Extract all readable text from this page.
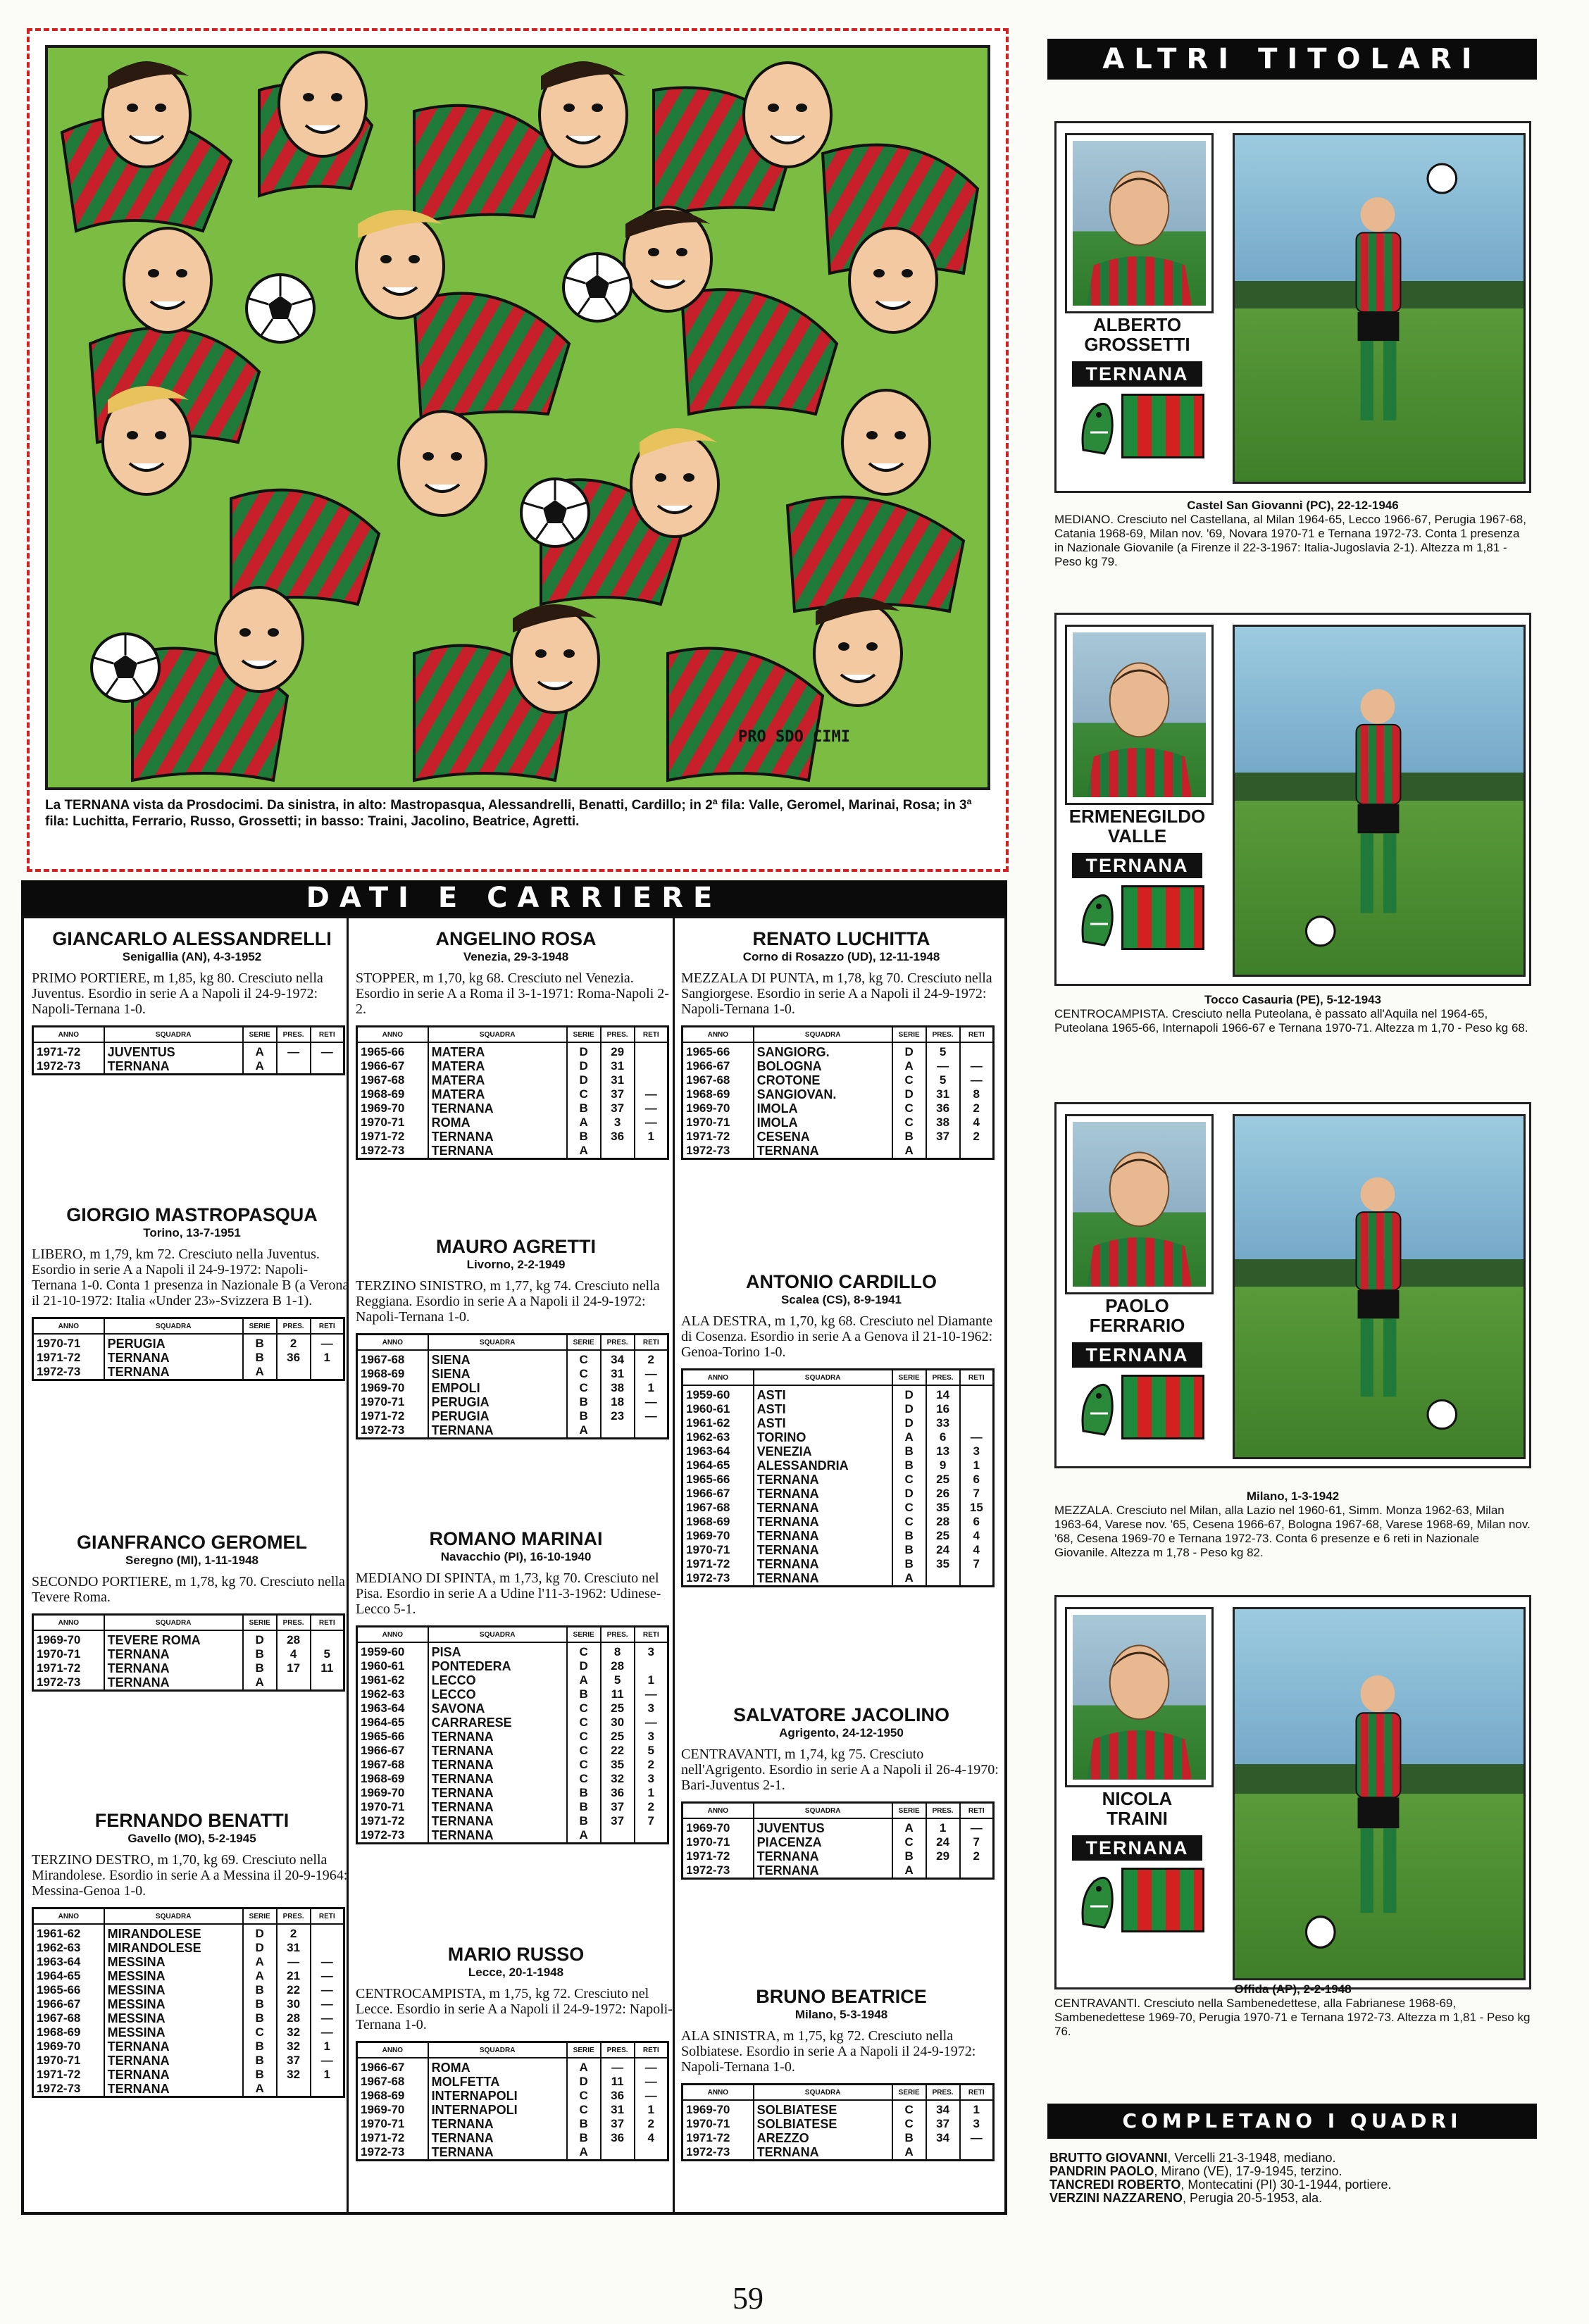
PRO SDO CIMI
La TERNANA vista da Prosdocimi. Da sinistra, in alto: Mastropasqua, Alessandrelli, Benatti, Cardillo; in 2ª fila: Valle, Geromel, Marinai, Rosa; in 3ª fila: Luchitta, Ferrario, Russo, Grossetti; in basso: Traini, Jacolino, Beatrice, Agretti.
DATI E CARRIERE
GIANCARLO ALESSANDRELLI
Senigallia (AN), 4-3-1952
PRIMO PORTIERE, m 1,85, kg 80. Cresciuto nella Juventus. Esordio in serie A a Napoli il 24-9-1972: Napoli-Ternana 1-0.
ANNO	SQUADRA	SERIE	PRES.	RETI
1971-72	JUVENTUS	A	—	—
1972-73	TERNANA	A		
GIORGIO MASTROPASQUA
Torino, 13-7-1951
LIBERO, m 1,79, km 72. Cresciuto nella Juventus. Esordio in serie A a Napoli il 24-9-1972: Napoli-Ternana 1-0. Conta 1 presenza in Nazionale B (a Verona il 21-10-1972: Italia «Under 23»-Svizzera B 1-1).
ANNO	SQUADRA	SERIE	PRES.	RETI
1970-71	PERUGIA	B	2	—
1971-72	TERNANA	B	36	1
1972-73	TERNANA	A		
GIANFRANCO GEROMEL
Seregno (MI), 1-11-1948
SECONDO PORTIERE, m 1,78, kg 70. Cresciuto nella Tevere Roma.
ANNO	SQUADRA	SERIE	PRES.	RETI
1969-70	TEVERE ROMA	D	28	
1970-71	TERNANA	B	4	5
1971-72	TERNANA	B	17	11
1972-73	TERNANA	A		
FERNANDO BENATTI
Gavello (MO), 5-2-1945
TERZINO DESTRO, m 1,70, kg 69. Cresciuto nella Mirandolese. Esordio in serie A a Messina il 20-9-1964: Messina-Genoa 1-0.
ANNO	SQUADRA	SERIE	PRES.	RETI
1961-62	MIRANDOLESE	D	2	
1962-63	MIRANDOLESE	D	31	
1963-64	MESSINA	A	—	—
1964-65	MESSINA	A	21	—
1965-66	MESSINA	B	22	—
1966-67	MESSINA	B	30	—
1967-68	MESSINA	B	28	—
1968-69	MESSINA	C	32	—
1969-70	TERNANA	B	32	1
1970-71	TERNANA	B	37	—
1971-72	TERNANA	B	32	1
1972-73	TERNANA	A		
ANGELINO ROSA
Venezia, 29-3-1948
STOPPER, m 1,70, kg 68. Cresciuto nel Venezia. Esordio in serie A a Roma il 3-1-1971: Roma-Napoli 2-2.
ANNO	SQUADRA	SERIE	PRES.	RETI
1965-66	MATERA	D	29	
1966-67	MATERA	D	31	
1967-68	MATERA	D	31	
1968-69	MATERA	C	37	—
1969-70	TERNANA	B	37	—
1970-71	ROMA	A	3	—
1971-72	TERNANA	B	36	1
1972-73	TERNANA	A		
MAURO AGRETTI
Livorno, 2-2-1949
TERZINO SINISTRO, m 1,77, kg 74. Cresciuto nella Reggiana. Esordio in serie A a Napoli il 24-9-1972: Napoli-Ternana 1-0.
ANNO	SQUADRA	SERIE	PRES.	RETI
1967-68	SIENA	C	34	2
1968-69	SIENA	C	31	—
1969-70	EMPOLI	C	38	1
1970-71	PERUGIA	B	18	—
1971-72	PERUGIA	B	23	—
1972-73	TERNANA	A		
ROMANO MARINAI
Navacchio (PI), 16-10-1940
MEDIANO DI SPINTA, m 1,73, kg 70. Cresciuto nel Pisa. Esordio in serie A a Udine l'11-3-1962: Udinese-Lecco 5-1.
ANNO	SQUADRA	SERIE	PRES.	RETI
1959-60	PISA	C	8	3
1960-61	PONTEDERA	D	28	
1961-62	LECCO	A	5	1
1962-63	LECCO	B	11	—
1963-64	SAVONA	C	25	3
1964-65	CARRARESE	C	30	—
1965-66	TERNANA	C	25	3
1966-67	TERNANA	C	22	5
1967-68	TERNANA	C	35	2
1968-69	TERNANA	C	32	3
1969-70	TERNANA	B	36	1
1970-71	TERNANA	B	37	2
1971-72	TERNANA	B	37	7
1972-73	TERNANA	A		
MARIO RUSSO
Lecce, 20-1-1948
CENTROCAMPISTA, m 1,75, kg 72. Cresciuto nel Lecce. Esordio in serie A a Napoli il 24-9-1972: Napoli-Ternana 1-0.
ANNO	SQUADRA	SERIE	PRES.	RETI
1966-67	ROMA	A	—	—
1967-68	MOLFETTA	D	11	—
1968-69	INTERNAPOLI	C	36	—
1969-70	INTERNAPOLI	C	31	1
1970-71	TERNANA	B	37	2
1971-72	TERNANA	B	36	4
1972-73	TERNANA	A		
RENATO LUCHITTA
Corno di Rosazzo (UD), 12-11-1948
MEZZALA DI PUNTA, m 1,78, kg 70. Cresciuto nella Sangiorgese. Esordio in serie A a Napoli il 24-9-1972: Napoli-Ternana 1-0.
ANNO	SQUADRA	SERIE	PRES.	RETI
1965-66	SANGIORG.	D	5	
1966-67	BOLOGNA	A	—	—
1967-68	CROTONE	C	5	—
1968-69	SANGIOVAN.	D	31	8
1969-70	IMOLA	C	36	2
1970-71	IMOLA	C	38	4
1971-72	CESENA	B	37	2
1972-73	TERNANA	A		
ANTONIO CARDILLO
Scalea (CS), 8-9-1941
ALA DESTRA, m 1,70, kg 68. Cresciuto nel Diamante di Cosenza. Esordio in serie A a Genova il 21-10-1962: Genoa-Torino 1-0.
ANNO	SQUADRA	SERIE	PRES.	RETI
1959-60	ASTI	D	14	
1960-61	ASTI	D	16	
1961-62	ASTI	D	33	
1962-63	TORINO	A	6	—
1963-64	VENEZIA	B	13	3
1964-65	ALESSANDRIA	B	9	1
1965-66	TERNANA	C	25	6
1966-67	TERNANA	D	26	7
1967-68	TERNANA	C	35	15
1968-69	TERNANA	C	28	6
1969-70	TERNANA	B	25	4
1970-71	TERNANA	B	24	4
1971-72	TERNANA	B	35	7
1972-73	TERNANA	A		
SALVATORE JACOLINO
Agrigento, 24-12-1950
CENTRAVANTI, m 1,74, kg 75. Cresciuto nell'Agrigento. Esordio in serie A a Napoli il 26-4-1970: Bari-Juventus 2-1.
ANNO	SQUADRA	SERIE	PRES.	RETI
1969-70	JUVENTUS	A	1	—
1970-71	PIACENZA	C	24	7
1971-72	TERNANA	B	29	2
1972-73	TERNANA	A		
BRUNO BEATRICE
Milano, 5-3-1948
ALA SINISTRA, m 1,75, kg 72. Cresciuto nella Solbiatese. Esordio in serie A a Napoli il 24-9-1972: Napoli-Ternana 1-0.
ANNO	SQUADRA	SERIE	PRES.	RETI
1969-70	SOLBIATESE	C	34	1
1970-71	SOLBIATESE	C	37	3
1971-72	AREZZO	B	34	—
1972-73	TERNANA	A		
ALTRI TITOLARI
ALBERTO
GROSSETTI
TERNANA
Castel San Giovanni (PC), 22-12-1946
MEDIANO. Cresciuto nel Castellana, al Milan 1964-65, Lecco 1966-67, Perugia 1967-68, Catania 1968-69, Milan nov. '69, Novara 1970-71 e Ternana 1972-73. Conta 1 presenza in Nazionale Giovanile (a Firenze il 22-3-1967: Italia-Jugoslavia 2-1). Altezza m 1,81 - Peso kg 79.
ERMENEGILDO
VALLE
TERNANA
Tocco Casauria (PE), 5-12-1943
CENTROCAMPISTA. Cresciuto nella Puteolana, è passato all'Aquila nel 1964-65, Puteolana 1965-66, Internapoli 1966-67 e Ternana 1970-71. Altezza m 1,70 - Peso kg 68.
PAOLO
FERRARIO
TERNANA
Milano, 1-3-1942
MEZZALA. Cresciuto nel Milan, alla Lazio nel 1960-61, Simm. Monza 1962-63, Milan 1963-64, Varese nov. '65, Cesena 1966-67, Bologna 1967-68, Varese 1968-69, Milan nov. '68, Cesena 1969-70 e Ternana 1972-73. Conta 6 presenze e 6 reti in Nazionale Giovanile. Altezza m 1,78 - Peso kg 82.
NICOLA
TRAINI
TERNANA
Offida (AP), 2-2-1948
CENTRAVANTI. Cresciuto nella Sambenedettese, alla Fabrianese 1968-69, Sambenedettese 1969-70, Perugia 1970-71 e Ternana 1972-73. Altezza m 1,81 - Peso kg 76.
COMPLETANO I QUADRI
BRUTTO GIOVANNI, Vercelli 21-3-1948, mediano.
PANDRIN PAOLO, Mirano (VE), 17-9-1945, terzino.
TANCREDI ROBERTO, Montecatini (PI) 30-1-1944, portiere.
VERZINI NAZZARENO, Perugia 20-5-1953, ala.
59
